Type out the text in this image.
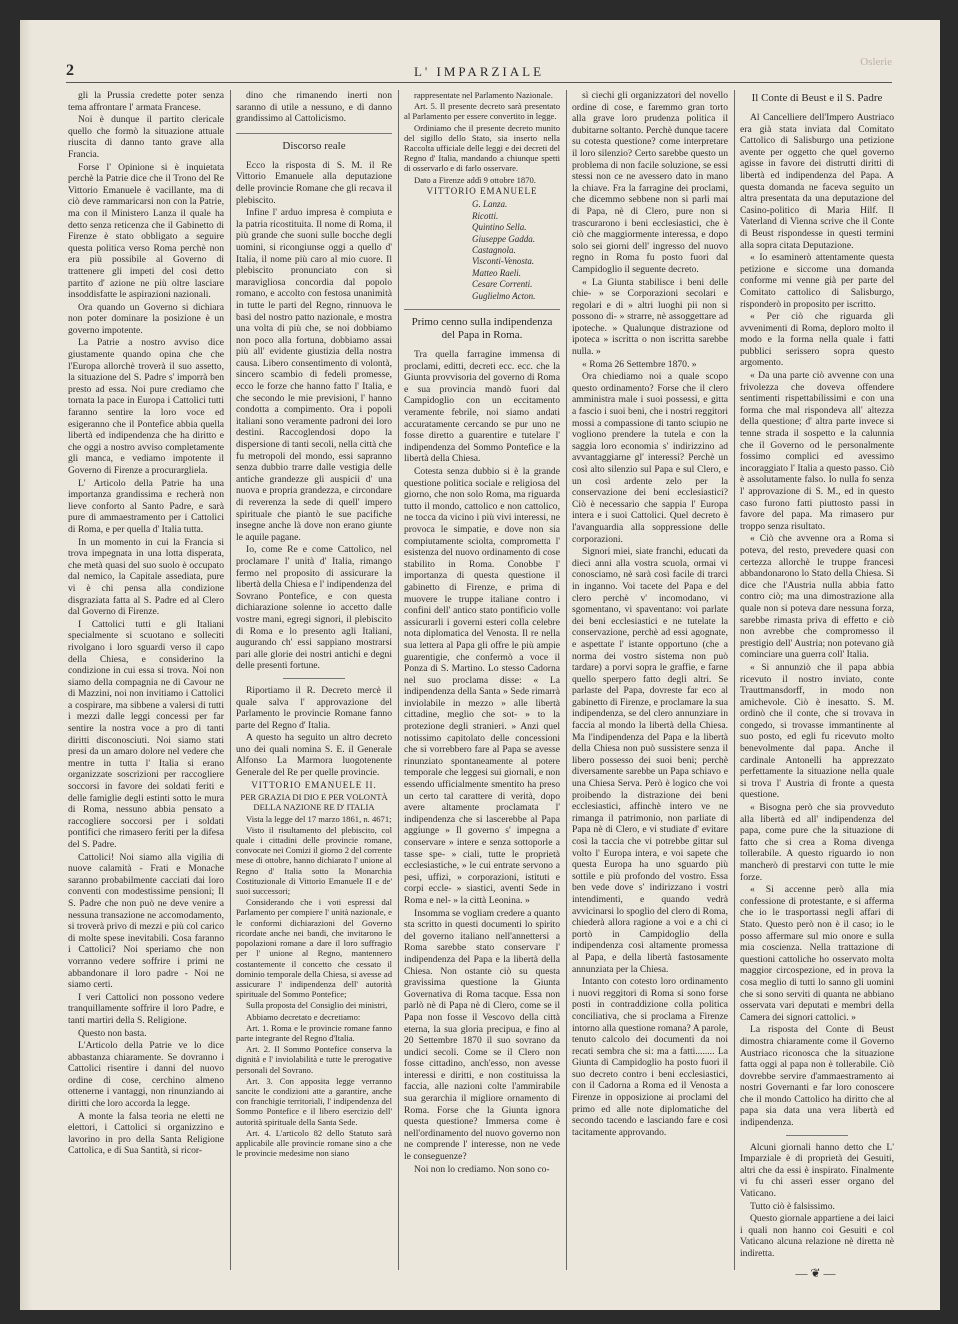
2	L' IMPARZIALE
Oslerie

gli la Prussia credette poter senza tema affrontare l' armata Francese.

Noi è dunque il partito clericale quello che formò la situazione attuale riuscita di danno tanto grave alla Francia.

Forse l' Opinione si è inquietata perchè la Patrie dice che il Trono del Re Vittorio Emanuele è vacillante, ma di ciò deve rammaricarsi non con la Patrie, ma con il Ministero Lanza il quale ha detto senza reticenza che il Gabinetto di Firenze è stato obbligato a seguire questa politica verso Roma perchè non era più possibile al Governo di trattenere gli impeti del così detto partito d' azione ne più oltre lasciare insoddisfatte le aspirazioni nazionali.

Ora quando un Governo si dichiara non poter dominare la posizione è un governo impotente.

La Patrie a nostro avviso dice giustamente quando opina che che l'Europa allorchè troverà il suo assetto, la situazione del S. Padre s' imporrà ben presto ad essa. Noi pure crediamo che tornata la pace in Europa i Cattolici tutti faranno sentire la loro voce ed esigeranno che il Pontefice abbia quella libertà ed indipendenza che ha diritto e che oggi a nostro avviso completamente gli manca, e vediamo impotente il Governo di Firenze a procurargliela.

L' Articolo della Patrie ha una importanza grandissima e recherà non lieve conforto al Santo Padre, e sarà pure di ammaestramento per i Cattolici di Roma, e per quella d' Italia tutta.

In un momento in cui la Francia si trova impegnata in una lotta disperata, che metà quasi del suo suolo è occupato dal nemico, la Capitale assediata, pure vi è chi pensa alla condizione disgraziata fatta al S. Padre ed al Clero dal Governo di Firenze.

I Cattolici tutti e gli Italiani specialmente si scuotano e solleciti rivolgano i loro sguardi verso il capo della Chiesa, e considerino la condizione in cui essa si trova. Noi non siamo della compagnia ne di Cavour ne di Mazzini, noi non invitiamo i Cattolici a cospirare, ma sibbene a valersi di tutti i mezzi dalle leggi concessi per far sentire la nostra voce a pro di tanti diritti disconosciuti. Noi siamo stati presi da un amaro dolore nel vedere che mentre in tutta l' Italia si erano organizzate soscrizioni per raccogliere soccorsi in favore dei soldati feriti e delle famiglie degli estinti sotto le mura di Roma, nessuno abbia pensato a raccogliere soccorsi per i soldati pontifici che rimasero feriti per la difesa del S. Padre.

Cattolici! Noi siamo alla vigilia di nuove calamità - Frati e Monache saranno probabilmente cacciati dai loro conventi con modestissime pensioni; Il S. Padre che non può ne deve venire a nessuna transazione ne accomodamento, si troverà privo di mezzi e più col carico di molte spese inevitabili. Cosa faranno i Cattolici? Noi speriamo che non vorranno vedere soffrire i primi ne abbandonare il loro padre - Noi ne siamo certi.

I veri Cattolici non possono vedere tranquillamente soffrire il loro Padre, e tanti martiri della S. Religione.

Questo non basta.

L'Articolo della Patrie ve lo dice abbastanza chiaramente. Se dovranno i Cattolici risentire i danni del nuovo ordine di cose, cerchino almeno ottenerne i vantaggi, non rinunziando ai diritti che loro accorda la legge.

A monte la falsa teoria ne eletti ne elettori, i Cattolici si organizzino e lavorino in pro della Santa Religione Cattolica, e di Sua Santità, si ricor-

dino che rimanendo inerti non saranno di utile a nessuno, e di danno grandissimo al Cattolicismo.

Discorso reale

Ecco la risposta di S. M. il Re Vittorio Emanuele alla deputazione delle provincie Romane che gli recava il plebiscito.

Infine l' arduo impresa è compiuta e la patria ricostituita. Il nome di Roma, il più grande che suoni sulle bocche degli uomini, si ricongiunse oggi a quello d' Italia, il nome più caro al mio cuore. Il plebiscito pronunciato con sì maravigliosa concordia dal popolo romano, e accolto con festosa unanimità in tutte le parti del Regno, rinnuova le basi del nostro patto nazionale, e mostra una volta di più che, se noi dobbiamo non poco alla fortuna, dobbiamo assai più all' evidente giustizia della nostra causa. Libero consentimento di volontà, sincero scambio di fedeli promesse, ecco le forze che hanno fatto l' Italia, e che secondo le mie previsioni, l' hanno condotta a compimento. Ora i popoli italiani sono veramente padroni dei loro destini. Raccoglendosi dopo la dispersione di tanti secoli, nella città che fu metropoli del mondo, essi sapranno senza dubbio trarre dalle vestigia delle antiche grandezze gli auspicii d' una nuova e propria grandezza, e circondare di reverenza la sede di quell' impero spirituale che piantò le sue pacifiche insegne anche là dove non erano giunte le aquile pagane.

Io, come Re e come Cattolico, nel proclamare l' unità d' Italia, rimango fermo nel proposito di assicurare la libertà della Chiesa e l' indipendenza del Sovrano Pontefice, e con questa dichiarazione solenne io accetto dalle vostre mani, egregi signori, il plebiscito di Roma e lo presento agli Italiani, augurando ch' essi sappiano mostrarsi pari alle glorie dei nostri antichi e degni delle presenti fortune.

Riportiamo il R. Decreto mercè il quale salva l' approvazione del Parlamento le provincie Romane fanno parte del Regno d' Italia.

A questo ha seguito un altro decreto uno dei quali nomina S. E. il Generale Alfonso La Marmora luogotenente Generale del Re per quelle provincie.

VITTORIO EMANUELE II.

PER GRAZIA DI DIO E PER VOLONTÀ DELLA NAZIONE RE D' ITALIA

Vista la legge del 17 marzo 1861, n. 4671;

Visto il risultamento del plebiscito, col quale i cittadini delle provincie romane, convocate nei Comizi il giorno 2 del corrente mese di ottobre, hanno dichiarato l' unione al Regno d' Italia sotto la Monarchia Costituzionale di Vittorio Emanuele II e de' suoi successori;

Considerando che i voti espressi dal Parlamento per compiere l' unità nazionale, e le conformi dichiarazioni del Governo ricordate anche nei bandi, che invitarono le popolazioni romane a dare il loro suffragio per l' unione al Regno, mantennero costantemente il concetto che cessato il dominio temporale della Chiesa, si avesse ad assicurare l' indipendenza dell' autorità spirituale del Sommo Pontefice;

Sulla proposta del Consiglio dei ministri,

Abbiamo decretato e decretiamo:

Art. 1. Roma e le provincie romane fanno parte integrante del Regno d'Italia.

Art. 2. Il Sommo Pontefice conserva la dignità e l' inviolabilità e tutte le prerogative personali del Sovrano.

Art. 3. Con apposita legge verranno sancite le condizioni atte a garantire, anche con franchigie territoriali, l' indipendenza del Sommo Pontefice e il libero esercizio dell' autorità spirituale della Santa Sede.

Art. 4. L'articolo 82 dello Statuto sarà applicabile alle provincie romane sino a che le provincie medesime non siano

rappresentate nel Parlamento Nazionale.

Art. 5. Il presente decreto sarà presentato al Parlamento per essere convertito in legge.

Ordiniamo che il presente decreto munito del sigillo dello Stato, sia inserto nella Raccolta ufficiale delle leggi e dei decreti del Regno d' Italia, mandando a chiunque spetti di osservarlo e di farlo osservare.

Dato a Firenze addì 9 ottobre 1870.

VITTORIO EMANUELE

G. Lanza.

Ricotti.

Quintino Sella.

Giuseppe Gadda.

Castagnola.

Visconti-Venosta.

Matteo Raeli.

Cesare Correnti.

Guglielmo Acton.

Primo cenno sulla indipendenza del Papa in Roma.

Tra quella farragine immensa di proclami, editti, decreti ecc. ecc. che la Giunta provvisoria del governo di Roma e sua provincia mandò fuori dal Campidoglio con un eccitamento veramente febrile, noi siamo andati accuratamente cercando se pur uno ne fosse diretto a guarentire e tutelare l' indipendenza del Sommo Pontefice e la libertà della Chiesa.

Cotesta senza dubbio si è la grande questione politica sociale e religiosa del giorno, che non solo Roma, ma riguarda tutto il mondo, cattolico e non cattolico, ne tocca da vicino i più vivi interessi, ne provoca le simpatie, e dove non sia compiutamente sciolta, comprometta l' esistenza del nuovo ordinamento di cose stabilito in Roma. Conobbe l' importanza di questa questione il gabinetto di Firenze, e prima di muovere le truppe italiane contro i confini dell' antico stato pontificio volle assicurarli i governi esteri colla celebre nota diplomatica del Venosta. Il re nella sua lettera al Papa gli offre le più ampie guarentigie, che confermò a voce il Ponza di S. Martino. Lo stesso Cadorna nel suo proclama disse: « La indipendenza della Santa » Sede rimarrà inviolabile in mezzo » alle libertà cittadine, meglio che sot- » to la protezione degli stranieri. » Anzi quel notissimo capitolato delle concessioni che si vorrebbero fare al Papa se avesse rinunziato spontaneamente al potere temporale che leggesi sui giornali, e non essendo ufficialmente smentito ha preso un certo tal carattere di verità, dopo avere altamente proclamata l' indipendenza che si lascerebbe al Papa aggiunge » Il governo s' impegna a conservare » intere e senza sottoporle a tasse spe- » ciali, tutte le proprietà ecclesiastiche, » le cui entrate servono a pesi, uffizi, » corporazioni, istituti e corpi eccle- » siastici, aventi Sede in Roma e nel- » la città Leonina. »

Insomma se vogliam credere a quanto sta scritto in questi documenti lo spirito del governo italiano nell'annettersi a Roma sarebbe stato conservare l' indipendenza del Papa e la libertà della Chiesa. Non ostante ciò su questa gravissima questione la Giunta Governativa di Roma tacque. Essa non parlò nè di Papa nè di Clero, come se il Papa non fosse il Vescovo della città eterna, la sua gloria precipua, e fino al 20 Settembre 1870 il suo sovrano da undici secoli. Come se il Clero non fosse cittadino, anch'esso, non avesse interessi e diritti, e non costituissa la faccia, alle nazioni colte l'ammirabile sua gerarchia il migliore ornamento di Roma. Forse che la Giunta ignora questa questione? Immersa come è nell'ordinamento del nuovo governo non ne comprende l' interesse, non ne vede le conseguenze?

Noi non lo crediamo. Non sono co-

sì ciechi gli organizzatori del novello ordine di cose, e faremmo gran torto alla grave loro prudenza politica il dubitarne soltanto. Perchè dunque tacere su cotesta questione? come interpretare il loro silenzio? Certo sarebbe questo un problema di non facile soluzione, se essi stessi non ce ne avessero dato in mano la chiave. Fra la farragine dei proclami, che dicemmo sebbene non si parli mai di Papa, nè di Clero, pure non si trascurarono i beni ecclesiastici, che è ciò che maggiormente interessa, e dopo solo sei giorni dell' ingresso del nuovo regno in Roma fu posto fuori dal Campidoglio il seguente decreto.

« La Giunta stabilisce i beni delle chie- » se Corporazioni secolari e regolari e di » altri luoghi pii non si possono di- » strarre, nè assoggettare ad ipoteche. » Qualunque distrazione od ipoteca » iscritta o non iscritta sarebbe nulla. »

« Roma 26 Settembre 1870. »

Ora chiediamo noi a quale scopo questo ordinamento? Forse che il clero amministra male i suoi possessi, e gitta a fascio i suoi beni, che i nostri reggitori mossi a compassione di tanto sciupio ne vogliono prendere la tutela e con la saggia loro economia s' indirizzino ad avvantaggiarne gl' interessi? Perchè un così alto silenzio sul Papa e sul Clero, e un così ardente zelo per la conservazione dei beni ecclesiastici? Ciò è necessario che sappia l' Europa intera e i suoi Cattolici. Quel decreto è l'avanguardia alla soppressione delle corporazioni.

Signori miei, siate franchi, educati da dieci anni alla vostra scuola, ormai vi conosciamo, nè sarà così facile di trarci in inganno. Voi tacete del Papa e del clero perchè v' incomodano, vi sgomentano, vi spaventano: voi parlate dei beni ecclesiastici e ne tutelate la conservazione, perchè ad essi agognate, e aspettate l' istante opportuno (che a norma dei vostro sistema non può tardare) a porvi sopra le graffie, e farne quello sperpero fatto degli altri. Se parlaste del Papa, dovreste far eco al gabinetto di Firenze, e proclamare la sua indipendenza, se del clero annunziare in faccia al mondo la libertà della Chiesa. Ma l'indipendenza del Papa e la libertà della Chiesa non può sussistere senza il libero possesso dei suoi beni; perchè diversamente sarebbe un Papa schiavo e una Chiesa Serva. Però è logico che voi proibendo la distrazione dei beni ecclesiastici, affinchè intero ve ne rimanga il patrimonio, non parliate di Papa nè di Clero, e vi studiate d' evitare così la taccia che vi potrebbe gittar sul volto l' Europa intera, e voi sapete che questa Europa ha uno sguardo più sottile e più profondo del vostro. Essa ben vede dove s' indirizzano i vostri intendimenti, e quando vedrà avvicinarsi lo spoglio del clero di Roma, chiederà allora ragione a voi e a chi ci portò in Campidoglio della indipendenza così altamente promessa al Papa, e della libertà fastosamente annunziata per la Chiesa.

Intanto con cotesto loro ordinamento i nuovi reggitori di Roma si sono forse posti in contraddizione colla politica conciliativa, che si proclama a Firenze intorno alla questione romana? A parole, tenuto calcolo dei documenti da noi recati sembra che si: ma a fatti........ La Giunta di Campidoglio ha posto fuori il suo decreto contro i beni ecclesiastici, con il Cadorna a Roma ed il Venosta a Firenze in opposizione ai proclami del primo ed alle note diplomatiche del secondo tacendo e lasciando fare e così tacitamente approvando.

Il Conte di Beust e il S. Padre

Al Cancelliere dell'Impero Austriaco era già stata inviata dal Comitato Cattolico di Salisburgo una petizione avente per oggetto che quel governo agisse in favore dei distrutti diritti di libertà ed indipendenza del Papa. A questa domanda ne faceva seguito un altra presentata da una deputazione del Casino-politico di Maria Hilf. Il Vaterland di Vienna scrive che il Conte di Beust rispondesse in questi termini alla sopra citata Deputazione.

« Io esaminerò attentamente questa petizione e siccome una domanda conforme mi venne già per parte del Comitato cattolico di Salisburgo, risponderò in proposito per iscritto.

« Per ciò che riguarda gli avvenimenti di Roma, deploro molto il modo e la forma nella quale i fatti pubblici serissero sopra questo argomento.

« Da una parte ciò avvenne con una frivolezza che doveva offendere sentimenti rispettabilissimi e con una forma che mal rispondeva all' altezza della questione; d' altra parte invece si tenne strada il sospetto e la calunnia che il Governo od le personalmente fossimo complici ed avessimo incoraggiato l' Italia a questo passo. Ciò è assolutamente falso. Io nulla fo senza l' approvazione di S. M., ed in questo caso furono fatti piuttosto passi in favore del papa. Ma rimasero pur troppo senza risultato.

« Ciò che avvenne ora a Roma si poteva, del resto, prevedere quasi con certezza allorchè le truppe francesi abbandonarono lo Stato della Chiesa. Si dice che l'Austria nulla abbia fatto contro ciò; ma una dimostrazione alla quale non si poteva dare nessuna forza, sarebbe rimasta priva di effetto e ciò non avrebbe che compromesso il prestigio dell' Austria; non potevano già cominciare una guerra coll' Italia.

« Si annunziò che il papa abbia ricevuto il nostro inviato, conte Trauttmansdorff, in modo non amichevole. Ciò è inesatto. S. M. ordinò che il conte, che si trovava in congedo, si trovasse immantinente al suo posto, ed egli fu ricevuto molto benevolmente dal papa. Anche il cardinale Antonelli ha apprezzato perfettamente la situazione nella quale si trova l' Austria di fronte a questa questione.

« Bisogna però che sia provveduto alla libertà ed all' indipendenza del papa, come pure che la situazione di fatto che si crea a Roma divenga tollerabile. A questo riguardo io non mancherò di prestarvi con tutte le mie forze.

« Si accenne però alla mia confessione di protestante, e si afferma che io le trasportassi negli affari di Stato. Questo però non è il caso; io le posso affermare sul mio onore e sulla mia coscienza. Nella trattazione di questioni cattoliche ho osservato molta maggior circospezione, ed in prova la cosa meglio di tutti lo sanno gli uomini che si sono serviti di quanta ne abbiano osservata vari deputati e membri della Camera dei signori cattolici. »

La risposta del Conte di Beust dimostra chiaramente come il Governo Austriaco riconosca che la situazione fatta oggi al papa non è tollerabile. Ciò dovrebbe servire d'ammaestramento ai nostri Governanti e far loro conoscere che il mondo Cattolico ha diritto che al papa sia data una vera libertà ed indipendenza.

Alcuni giornali hanno detto che L' Imparziale è di proprietà dei Gesuiti, altri che da essi è inspirato. Finalmente vi fu chi asserì esser organo del Vaticano.

Tutto ciò è falsissimo.

Questo giornale appartiene a dei laici i quali non hanno coi Gesuiti e col Vaticano alcuna relazione nè diretta nè indiretta.

—❦—
